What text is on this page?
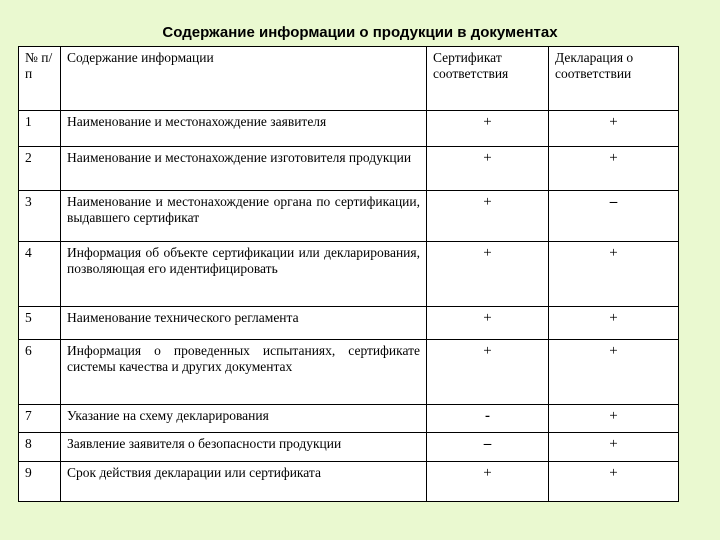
Содержание информации о продукции в документах
№ п/п	Содержание информации	Сертификат соответствия	Декларация о соответствии
1	Наименование и местонахождение заявителя	+	+
2	Наименование и местонахождение изготовителя продукции	+	+
3	Наименование и местонахождение органа по сертификации, выдавшего сертификат	+	–
4	Информация об объекте сертификации или декларирования, позволяющая его идентифицировать	+	+
5	Наименование технического регламента	+	+
6	Информация о проведенных испытаниях, сертификате системы качества и других документах	+	+
7	Указание на схему декларирования	-	+
8	Заявление заявителя о безопасности продукции	–	+
9	Срок действия декларации или сертификата	+	+
